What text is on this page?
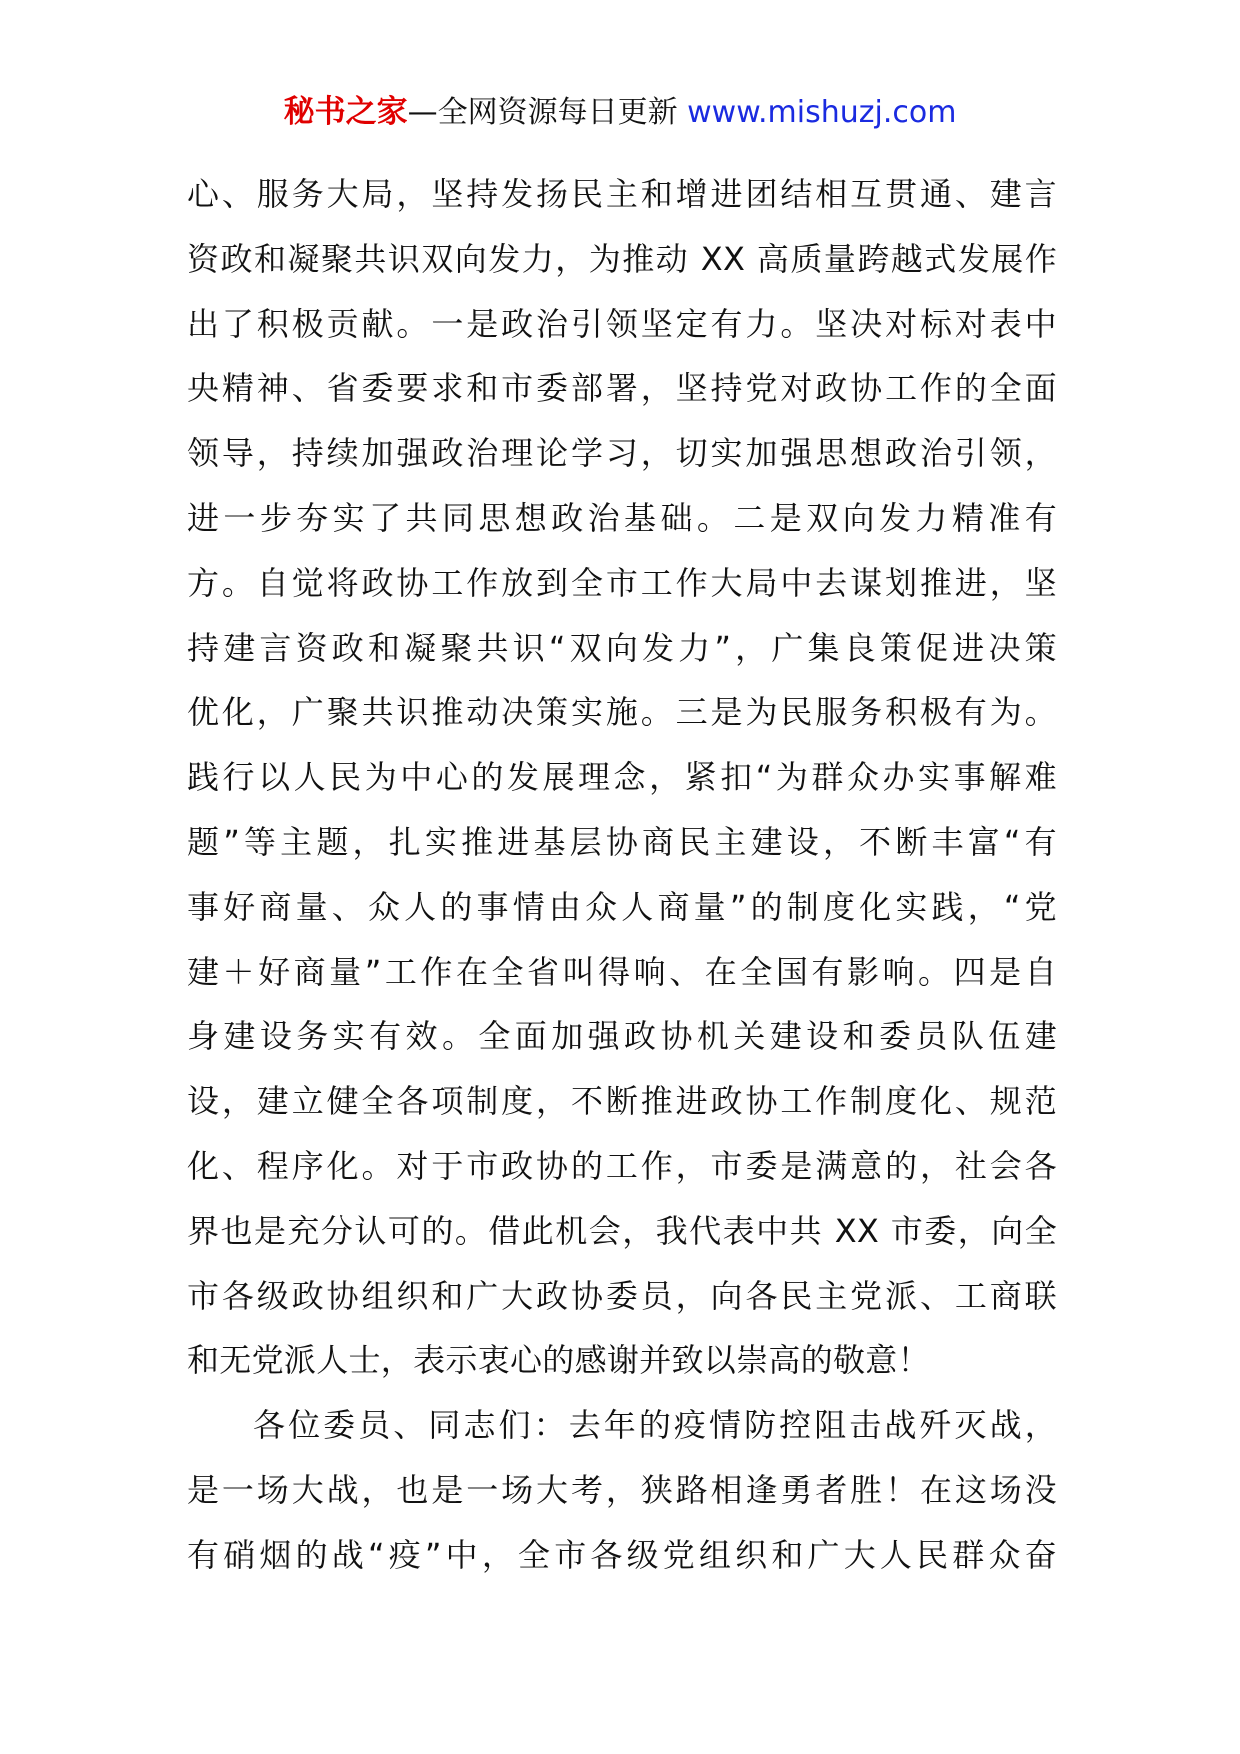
秘书之家—全网资源每日更新 www.mishuzj.com
心、服务大局，坚持发扬民主和增进团结相互贯通、建言
资政和凝聚共识双向发力，为推动 XX 高质量跨越式发展作
出了积极贡献。一是政治引领坚定有力。坚决对标对表中
央精神、省委要求和市委部署，坚持党对政协工作的全面
领导，持续加强政治理论学习，切实加强思想政治引领，
进一步夯实了共同思想政治基础。二是双向发力精准有
方。自觉将政协工作放到全市工作大局中去谋划推进，坚
持建言资政和凝聚共识“双向发力”，广集良策促进决策
优化，广聚共识推动决策实施。三是为民服务积极有为。
践行以人民为中心的发展理念，紧扣“为群众办实事解难
题”等主题，扎实推进基层协商民主建设，不断丰富“有
事好商量、众人的事情由众人商量”的制度化实践，“党
建＋好商量”工作在全省叫得响、在全国有影响。四是自
身建设务实有效。全面加强政协机关建设和委员队伍建
设，建立健全各项制度，不断推进政协工作制度化、规范
化、程序化。对于市政协的工作，市委是满意的，社会各
界也是充分认可的。借此机会，我代表中共 XX 市委，向全
市各级政协组织和广大政协委员，向各民主党派、工商联
和无党派人士，表示衷心的感谢并致以崇高的敬意！
各位委员、同志们：去年的疫情防控阻击战歼灭战，
是一场大战，也是一场大考，狭路相逢勇者胜！在这场没
有硝烟的战“疫”中，全市各级党组织和广大人民群众奋
